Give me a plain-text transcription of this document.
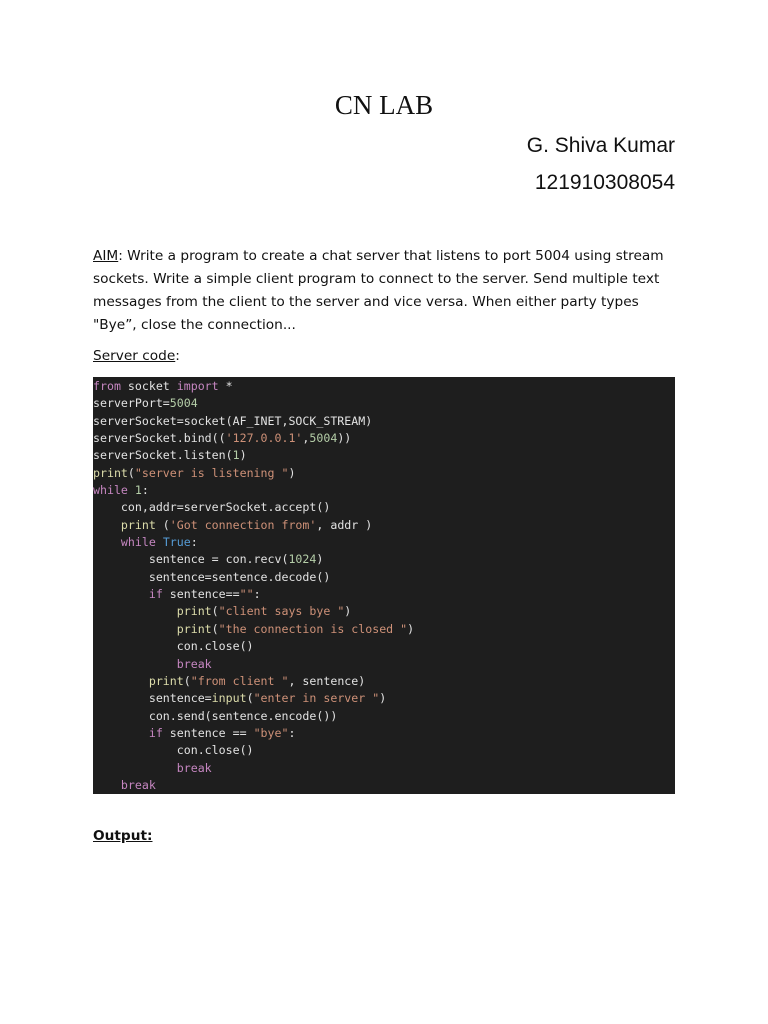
CN LAB
G. Shiva Kumar
121910308054
AIM: Write a program to create a chat server that listens to port 5004 using stream sockets. Write a simple client program to connect to the server. Send multiple text messages from the client to the server and vice versa. When either party types "Bye”, close the connection...
Server code:
from socket import *
serverPort=5004
serverSocket=socket(AF_INET,SOCK_STREAM)
serverSocket.bind(('127.0.0.1',5004))
serverSocket.listen(1)
print("server is listening ")
while 1:
con,addr=serverSocket.accept()
print ('Got connection from', addr )
while True:
sentence = con.recv(1024)
sentence=sentence.decode()
if sentence=="":
print("client says bye ")
print("the connection is closed ")
con.close()
break
print("from client ", sentence)
sentence=input("enter in server ")
con.send(sentence.encode())
if sentence == "bye":
con.close()
break
break
Output:
